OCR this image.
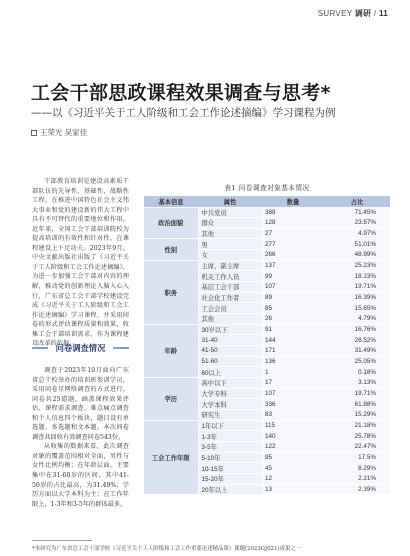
SURVEY 调研 / 11
工会干部思政课程效果调查与思考*
——以《习近平关于工人阶级和工会工作论述摘编》学习课程为例
王荣光 吴家佳

干部教育培训是建设高素质干部队伍的先导性、基础性、战略性工程，在推进中国特色社会主义伟大事业和党的建设新的伟大工程中具有不可替代的重要地位和作用。近年来，全国工会干部培训院校为提高培训的有效性和针对性，在课程建设上下足功夫。2023年9月，中央文献出版社出版了《习近平关于工人阶级和工会工作论述摘编》，为进一步加强工会干部对内容的理解，推动党的创新理论入脑入心入行，广东省总工会干部学校建设完成《习近平关于工人阶级和工会工作论述摘编》学习课程，并采用问卷的形式评估课程质量和效果，收集工会干部培训需求，作为课程建设改革的依据。

问卷调查情况

调查于2023年10月面向广东省总干校举办的培训班参训学员，采用问卷星网络调查的方式进行。问卷共25道题，涵盖课程效果评估、课程需求调查、难点痛点调查和个人信息四个板块，题目设有单选题、多选题和文本题。本次问卷调查共回收有效调查问卷543份。

从收集的数据来看，此次调查对象的覆盖范围相对全面，男性与女性比例均衡；在年龄层面，主要集中在31-60岁的区间，其中41-50岁的占比最高，为31.49%；学历方面以大学本科为主；在工作年限上，1-3年和3-5年的群体最多。

表1 问卷调查对象基本情况
基本信息	属性	数量	占比
政治面貌	中共党员	388	71.45%
	群众	128	23.57%
	其他	27	4.97%
性别	男	277	51.01%
	女	266	48.99%
职务	主席、副主席	137	25.23%
	机关工作人员	99	18.23%
	基层工会干部	107	19.71%
	社会化工作者	89	16.39%
	工会会员	85	15.65%
	其他	26	4.79%
年龄	30岁以下	91	16.76%
	31-40	144	26.52%
	41-50	171	31.49%
	51-60	136	25.05%
	60以上	1	0.18%
学历	高中以下	17	3.13%
	大学专科	107	19.71%
	大学本科	336	61.88%
	研究生	83	15.29%
工会工作年限	1年以下	115	21.18%
	1-3年	140	25.78%
	3-5年	122	22.47%
	5-10年	95	17.5%
	10-15年	45	8.29%
	15-20年	12	2.21%
	20年以上	13	2.39%
*本研究为广东省总工会干部学校《习近平关于工人阶级和工会工作重要论述精品课》课题(2023GJ021)成果之一
